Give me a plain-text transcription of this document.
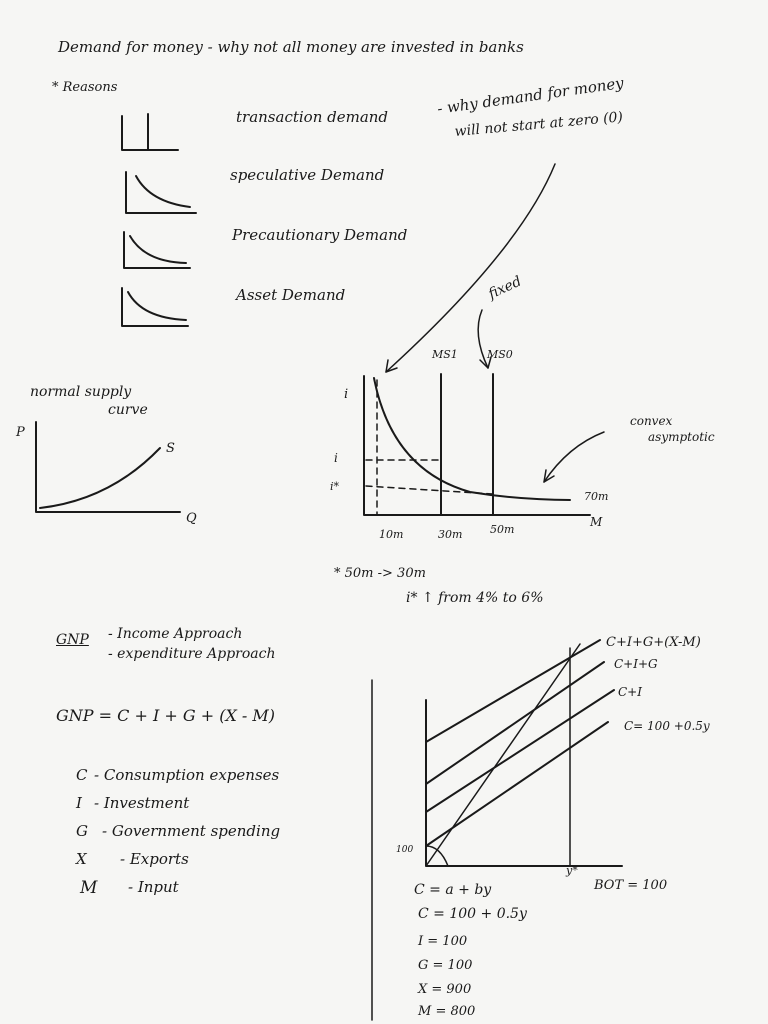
Demand for money - why not all money are invested in banks
* Reasons
transaction demand
speculative Demand
Precautionary Demand
Asset Demand
- why demand for money
will not start at zero (0)
normal supply
curve
P
Q
S
i
M
MS1	MS0
i
i*
10m	30m	50m
70m
fixed
convex
asymptotic
* 50m -> 30m
i* ↑ from 4% to 6%
GNP - Income Approach
- expenditure Approach
GNP = C + I + G + (X - M)
C - Consumption expenses
I - Investment
G - Government spending
X - Exports
M - Input
100
y*
C+I+G+(X-M)
C+I+G
C+I
C= 100 +0.5y
BOT = 100
C = a + by
C = 100 + 0.5y
I = 100
G = 100
X = 900
M = 800
